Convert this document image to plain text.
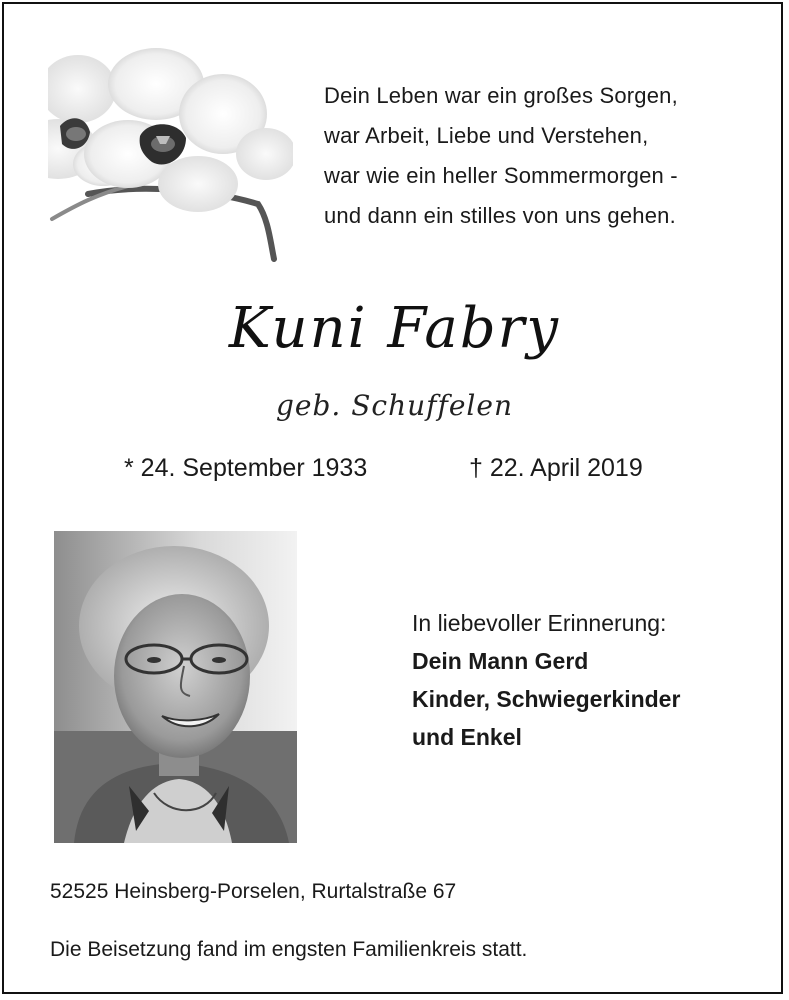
Dein Leben war ein großes Sorgen,
war Arbeit, Liebe und Verstehen,
war wie ein heller Sommermorgen -
und dann ein stilles von uns gehen.
Kuni Fabry
geb. Schuffelen
* 24. September 1933	† 22. April 2019
In liebevoller Erinnerung:
Dein Mann Gerd
Kinder, Schwiegerkinder
und Enkel
52525 Heinsberg-Porselen, Rurtalstraße 67
Die Beisetzung fand im engsten Familienkreis statt.
